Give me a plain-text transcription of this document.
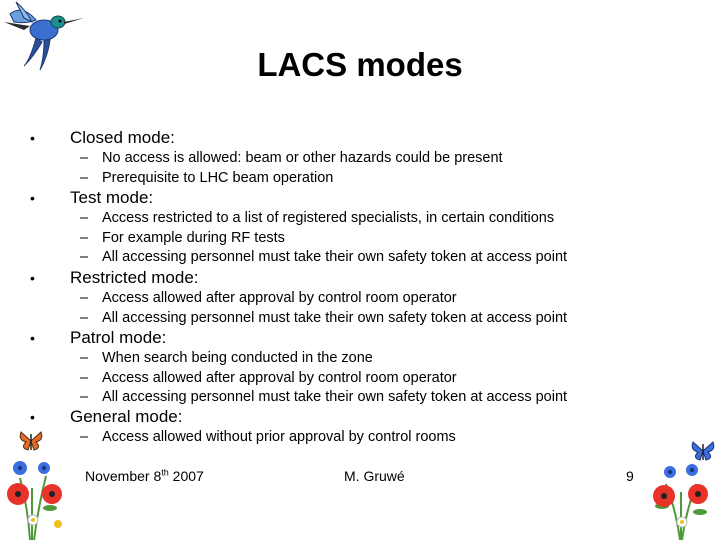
LACS modes
• Closed mode:
– No access is allowed: beam or other hazards could be present
– Prerequisite to LHC beam operation
• Test mode:
– Access restricted to a list of registered specialists, in certain conditions
– For example during RF tests
– All accessing personnel must take their own safety token at access point
• Restricted mode:
– Access allowed after approval by control room operator
– All accessing personnel must take their own safety token at access point
• Patrol mode:
– When search being conducted in the zone
– Access allowed after approval by control room operator
– All accessing personnel must take their own safety token at access point
• General mode:
– Access allowed without prior approval by control rooms
November 8th 2007	M. Gruwé	9
